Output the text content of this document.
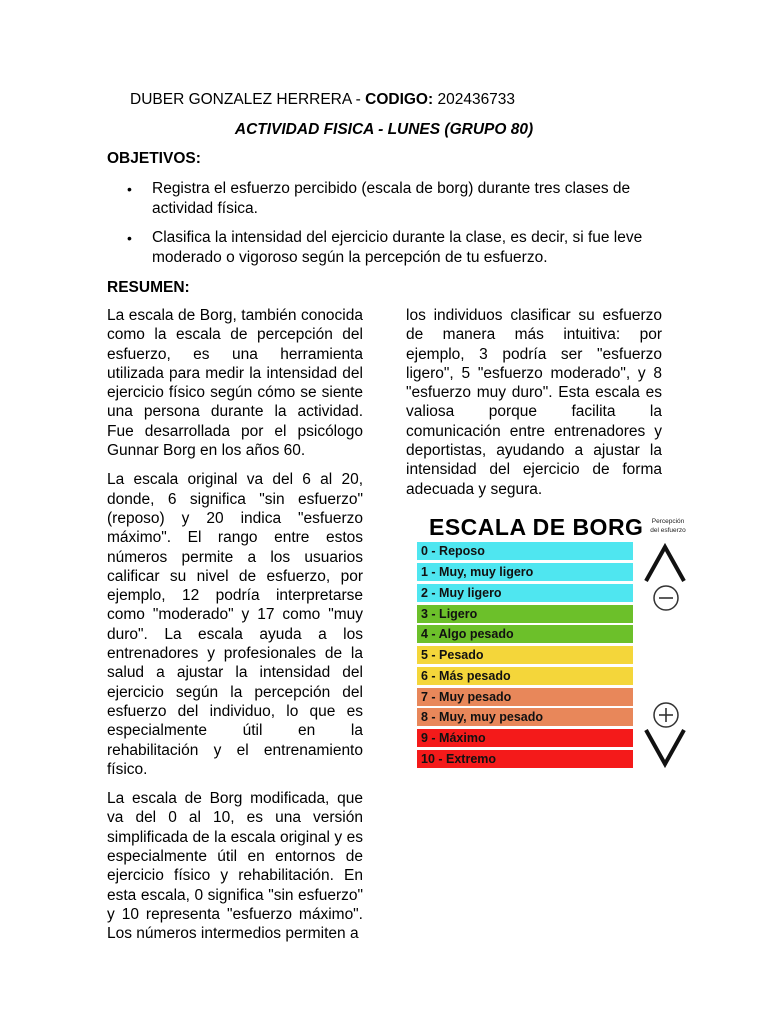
DUBER GONZALEZ HERRERA - CODIGO: 202436733
ACTIVIDAD FISICA - LUNES (GRUPO 80)
OBJETIVOS:
• Registra el esfuerzo percibido (escala de borg) durante tres clases de actividad física.
• Clasifica la intensidad del ejercicio durante la clase, es decir, si fue leve moderado o vigoroso según la percepción de tu esfuerzo.
RESUMEN:

La escala de Borg, también conocida como la escala de percepción del esfuerzo, es una herramienta utilizada para medir la intensidad del ejercicio físico según cómo se siente una persona durante la actividad. Fue desarrollada por el psicólogo Gunnar Borg en los años 60.

La escala original va del 6 al 20, donde, 6 significa "sin esfuerzo" (reposo) y 20 indica "esfuerzo máximo". El rango entre estos números permite a los usuarios calificar su nivel de esfuerzo, por ejemplo, 12 podría interpretarse como "moderado" y 17 como "muy duro". La escala ayuda a los entrenadores y profesionales de la salud a ajustar la intensidad del ejercicio según la percepción del esfuerzo del individuo, lo que es especialmente útil en la rehabilitación y el entrenamiento físico.

La escala de Borg modificada, que va del 0 al 10, es una versión simplificada de la escala original y es especialmente útil en entornos de ejercicio físico y rehabilitación. En esta escala, 0 significa "sin esfuerzo" y 10 representa "esfuerzo máximo". Los números intermedios permiten a

los individuos clasificar su esfuerzo de manera más intuitiva: por ejemplo, 3 podría ser "esfuerzo ligero", 5 "esfuerzo moderado", y 8 "esfuerzo muy duro". Esta escala es valiosa porque facilita la comunicación entre entrenadores y deportistas, ayudando a ajustar la intensidad del ejercicio de forma adecuada y segura.

ESCALA DE BORG	Percepción
del esfuerzo
0 - Reposo
1 - Muy, muy ligero
2 - Muy ligero
3 - Ligero
4 - Algo pesado
5 - Pesado
6 - Más pesado
7 - Muy pesado
8 - Muy, muy pesado
9 - Máximo
10 - Extremo
